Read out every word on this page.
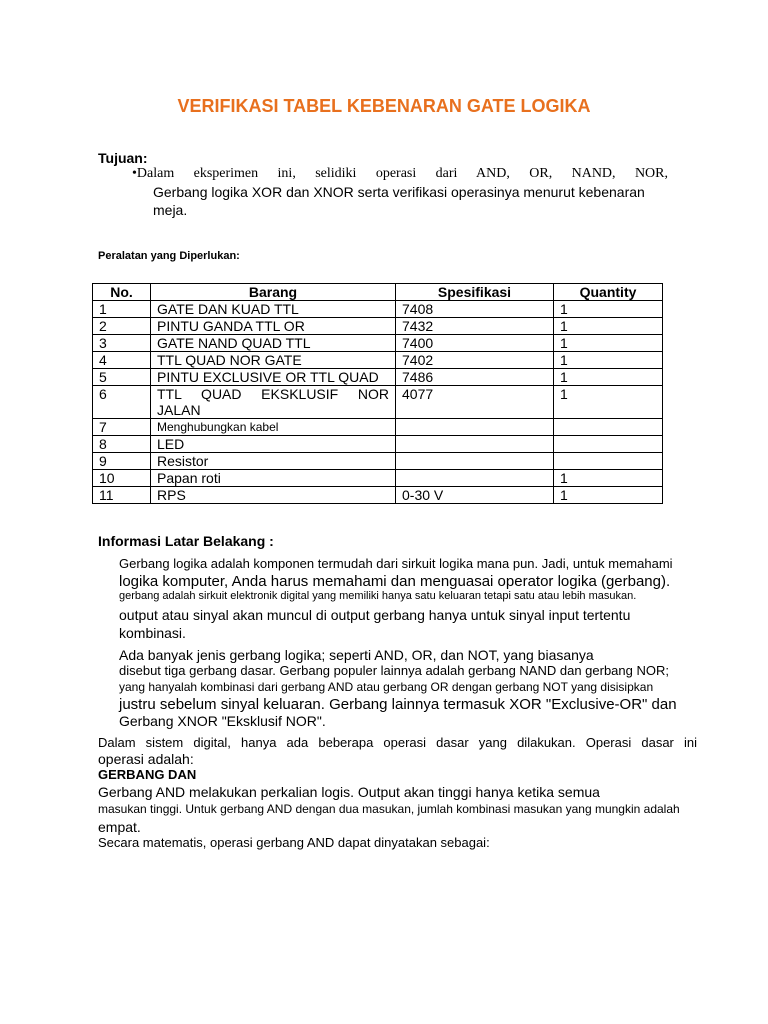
VERIFIKASI TABEL KEBENARAN GATE LOGIKA
Tujuan:
•Dalam eksperimen ini, selidiki operasi dari AND, OR, NAND, NOR,
Gerbang logika XOR dan XNOR serta verifikasi operasinya menurut kebenaran
meja.
Peralatan yang Diperlukan:
No.	Barang	Spesifikasi	Quantity
1	GATE DAN KUAD TTL	7408	1
2	PINTU GANDA TTL OR	7432	1
3	GATE NAND QUAD TTL	7400	1
4	TTL QUAD NOR GATE	7402	1
5	PINTU EXCLUSIVE OR TTL QUAD	7486	1
6	TTL QUAD EKSKLUSIF NOR
JALAN	4077	1
7	Menghubungkan kabel		
8	LED		
9	Resistor		
10	Papan roti		1
11	RPS	0-30 V	1
Informasi Latar Belakang :
Gerbang logika adalah komponen termudah dari sirkuit logika mana pun. Jadi, untuk memahami
logika komputer, Anda harus memahami dan menguasai operator logika (gerbang).
gerbang adalah sirkuit elektronik digital yang memiliki hanya satu keluaran tetapi satu atau lebih masukan.
output atau sinyal akan muncul di output gerbang hanya untuk sinyal input tertentu
kombinasi.
Ada banyak jenis gerbang logika; seperti AND, OR, dan NOT, yang biasanya
disebut tiga gerbang dasar. Gerbang populer lainnya adalah gerbang NAND dan gerbang NOR;
yang hanyalah kombinasi dari gerbang AND atau gerbang OR dengan gerbang NOT yang disisipkan
justru sebelum sinyal keluaran. Gerbang lainnya termasuk XOR "Exclusive-OR" dan
Gerbang XNOR "Eksklusif NOR".
Dalam sistem digital, hanya ada beberapa operasi dasar yang dilakukan. Operasi dasar ini
operasi adalah:
GERBANG DAN
Gerbang AND melakukan perkalian logis. Output akan tinggi hanya ketika semua
masukan tinggi. Untuk gerbang AND dengan dua masukan, jumlah kombinasi masukan yang mungkin adalah
empat.
Secara matematis, operasi gerbang AND dapat dinyatakan sebagai:
